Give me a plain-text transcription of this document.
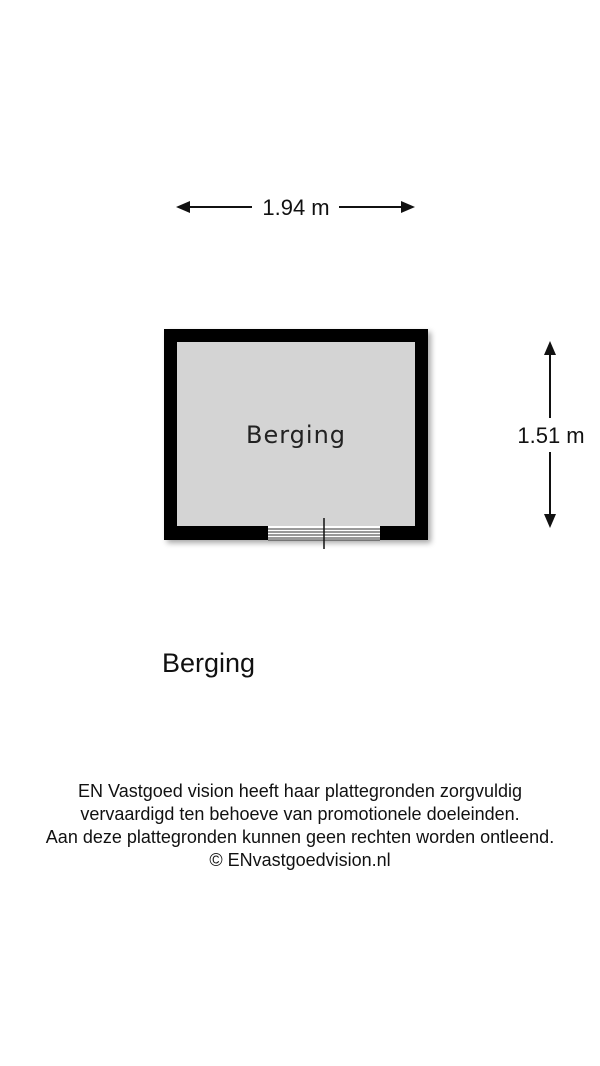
1.94 m
1.51 m
Berging
Berging
EN Vastgoed vision heeft haar plattegronden zorgvuldig
vervaardigd ten behoeve van promotionele doeleinden.
Aan deze plattegronden kunnen geen rechten worden ontleend.
© ENvastgoedvision.nl
